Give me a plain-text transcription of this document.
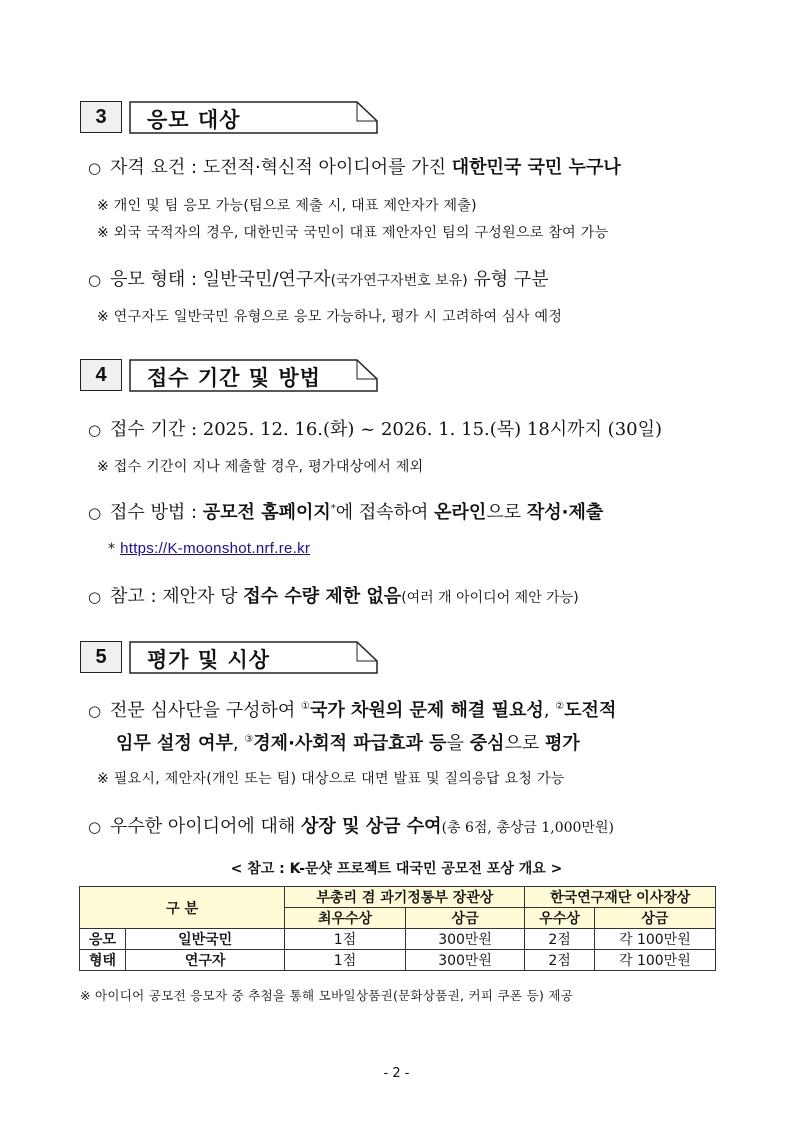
3	응모 대상
○ 자격 요건 : 도전적·혁신적 아이디어를 가진 대한민국 국민 누구나
※ 개인 및 팀 응모 가능(팀으로 제출 시, 대표 제안자가 제출)
※ 외국 국적자의 경우, 대한민국 국민이 대표 제안자인 팀의 구성원으로 참여 가능
○ 응모 형태 : 일반국민/연구자(국가연구자번호 보유) 유형 구분
※ 연구자도 일반국민 유형으로 응모 가능하나, 평가 시 고려하여 심사 예정
4	접수 기간 및 방법
○ 접수 기간 : 2025. 12. 16.(화) ~ 2026. 1. 15.(목) 18시까지 (30일)
※ 접수 기간이 지나 제출할 경우, 평가대상에서 제외
○ 접수 방법 : 공모전 홈페이지*에 접속하여 온라인으로 작성·제출
* https://K-moonshot.nrf.re.kr
○ 참고 : 제안자 당 접수 수량 제한 없음(여러 개 아이디어 제안 가능)
5	평가 및 시상
○ 전문 심사단을 구성하여 ①국가 차원의 문제 해결 필요성, ②도전적
임무 설정 여부, ③경제·사회적 파급효과 등을 중심으로 평가
※ 필요시, 제안자(개인 또는 팀) 대상으로 대면 발표 및 질의응답 요청 가능
○ 우수한 아이디어에 대해 상장 및 상금 수여(총 6점, 총상금 1,000만원)
< 참고 : K-문샷 프로젝트 대국민 공모전 포상 개요 >
구 분		부총리 겸 과기정통부 장관상		한국연구재단 이사장상	
		최우수상	상금	우수상	상금
응모	일반국민	1점	300만원	2점	각 100만원
형태	연구자	1점	300만원	2점	각 100만원
※ 아이디어 공모전 응모자 중 추첨을 통해 모바일상품권(문화상품권, 커피 쿠폰 등) 제공
- 2 -
